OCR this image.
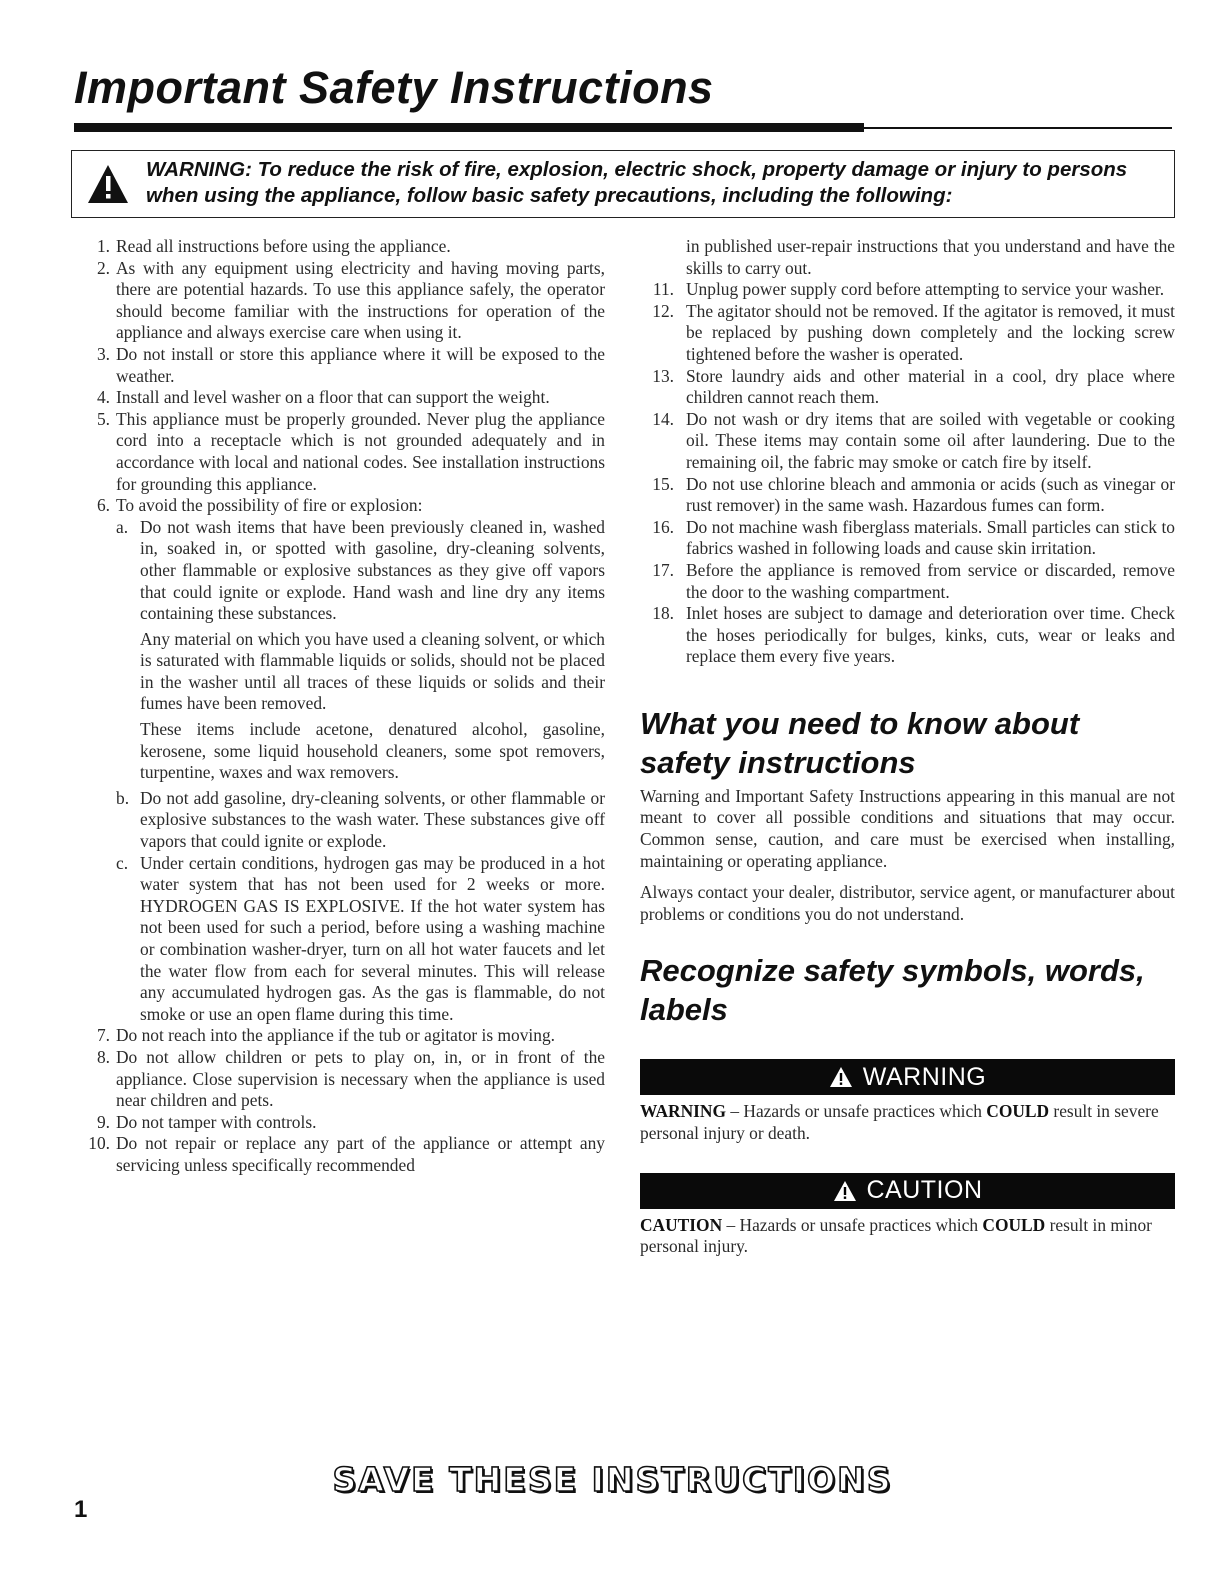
Important Safety Instructions
WARNING: To reduce the risk of fire, explosion, electric shock, property damage or injury to persons when using the appliance, follow basic safety precautions, including the following:
1. Read all instructions before using the appliance.
2. As with any equipment using electricity and having moving parts, there are potential hazards. To use this appliance safely, the operator should become familiar with the instructions for operation of the appliance and always exercise care when using it.
3. Do not install or store this appliance where it will be exposed to the weather.
4. Install and level washer on a floor that can support the weight.
5. This appliance must be properly grounded. Never plug the appliance cord into a receptacle which is not grounded adequately and in accordance with local and national codes. See installation instructions for grounding this appliance.
6. To avoid the possibility of fire or explosion:
a. Do not wash items that have been previously cleaned in, washed in, soaked in, or spotted with gasoline, dry-cleaning solvents, other flammable or explosive substances as they give off vapors that could ignite or explode. Hand wash and line dry any items containing these substances.
Any material on which you have used a cleaning solvent, or which is saturated with flammable liquids or solids, should not be placed in the washer until all traces of these liquids or solids and their fumes have been removed.
These items include acetone, denatured alcohol, gasoline, kerosene, some liquid household cleaners, some spot removers, turpentine, waxes and wax removers.
b. Do not add gasoline, dry-cleaning solvents, or other flammable or explosive substances to the wash water. These substances give off vapors that could ignite or explode.
c. Under certain conditions, hydrogen gas may be produced in a hot water system that has not been used for 2 weeks or more. HYDROGEN GAS IS EXPLOSIVE. If the hot water system has not been used for such a period, before using a washing machine or combination washer-dryer, turn on all hot water faucets and let the water flow from each for several minutes. This will release any accumulated hydrogen gas. As the gas is flammable, do not smoke or use an open flame during this time.
7. Do not reach into the appliance if the tub or agitator is moving.
8. Do not allow children or pets to play on, in, or in front of the appliance. Close supervision is necessary when the appliance is used near children and pets.
9. Do not tamper with controls.
10. Do not repair or replace any part of the appliance or attempt any servicing unless specifically recommended
in published user-repair instructions that you understand and have the skills to carry out.
11. Unplug power supply cord before attempting to service your washer.
12. The agitator should not be removed. If the agitator is removed, it must be replaced by pushing down completely and the locking screw tightened before the washer is operated.
13. Store laundry aids and other material in a cool, dry place where children cannot reach them.
14. Do not wash or dry items that are soiled with vegetable or cooking oil. These items may contain some oil after laundering. Due to the remaining oil, the fabric may smoke or catch fire by itself.
15. Do not use chlorine bleach and ammonia or acids (such as vinegar or rust remover) in the same wash. Hazardous fumes can form.
16. Do not machine wash fiberglass materials. Small particles can stick to fabrics washed in following loads and cause skin irritation.
17. Before the appliance is removed from service or discarded, remove the door to the washing compartment.
18. Inlet hoses are subject to damage and deterioration over time. Check the hoses periodically for bulges, kinks, cuts, wear or leaks and replace them every five years.
What you need to know about safety instructions

Warning and Important Safety Instructions appearing in this manual are not meant to cover all possible conditions and situations that may occur. Common sense, caution, and care must be exercised when installing, maintaining or operating appliance.

Always contact your dealer, distributor, service agent, or manufacturer about problems or conditions you do not understand.

Recognize safety symbols, words, labels
WARNING

WARNING – Hazards or unsafe practices which COULD result in severe personal injury or death.

CAUTION

CAUTION – Hazards or unsafe practices which COULD result in minor personal injury.

SAVE THESE INSTRUCTIONS
1
